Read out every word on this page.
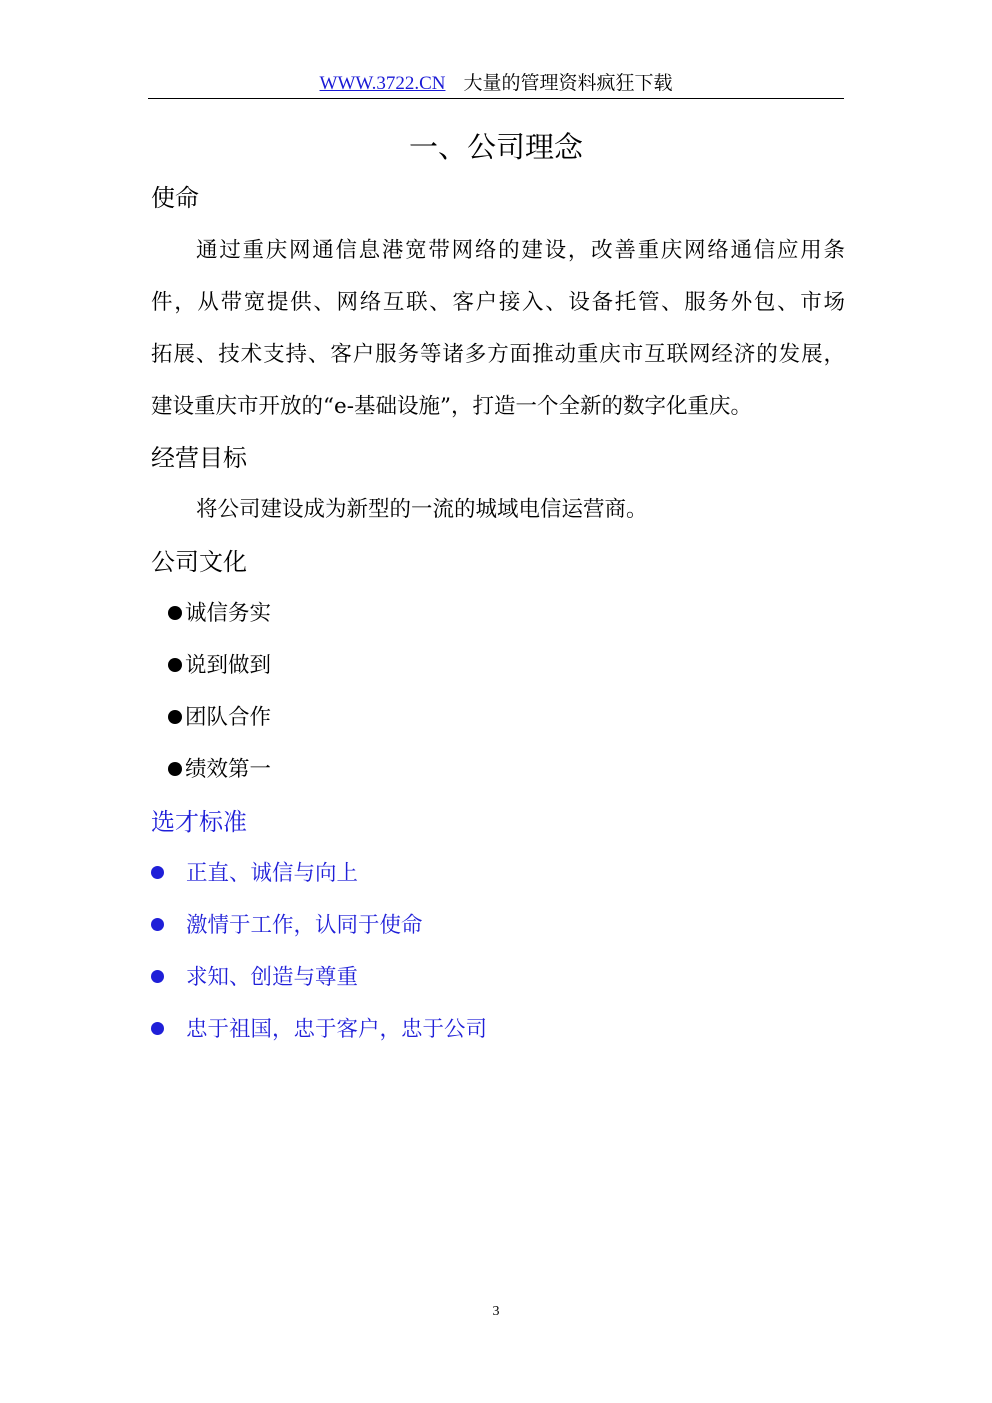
WWW.3722.CN 大量的管理资料疯狂下载
一、公司理念
使命
通过重庆网通信息港宽带网络的建设，改善重庆网络通信应用条
件，从带宽提供、网络互联、客户接入、设备托管、服务外包、市场
拓展、技术支持、客户服务等诸多方面推动重庆市互联网经济的发展，
建设重庆市开放的“e-基础设施”，打造一个全新的数字化重庆。
经营目标
将公司建设成为新型的一流的城域电信运营商。
公司文化
诚信务实
说到做到
团队合作
绩效第一
选才标准
正直、诚信与向上
激情于工作，认同于使命
求知、创造与尊重
忠于祖国，忠于客户，忠于公司
3
